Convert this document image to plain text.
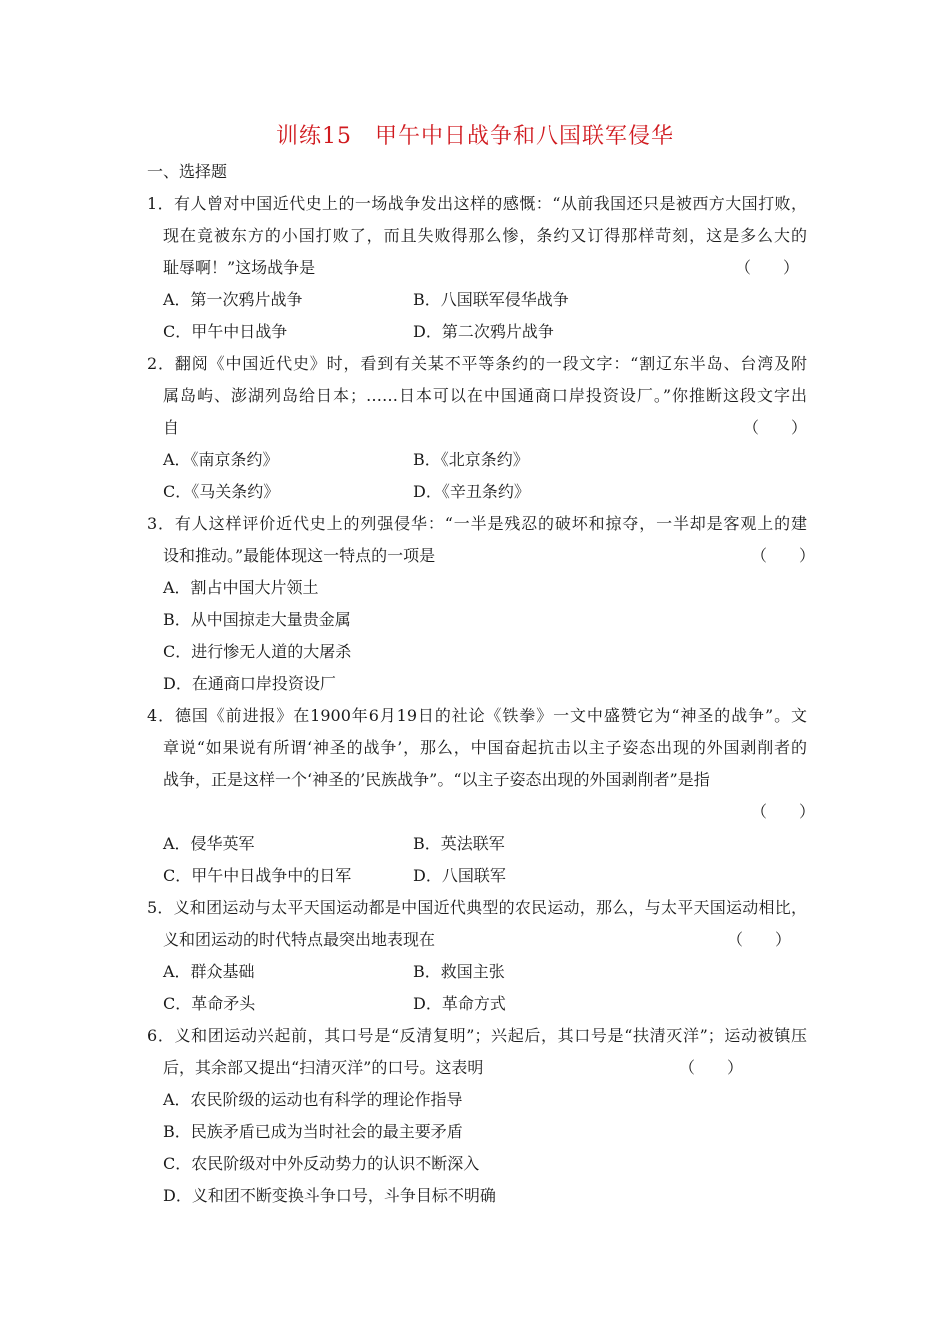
训练15　甲午中日战争和八国联军侵华
一、选择题
1．有人曾对中国近代史上的一场战争发出这样的感慨：“从前我国还只是被西方大国打败，
现在竟被东方的小国打败了，而且失败得那么惨，条约又订得那样苛刻，这是多么大的
耻辱啊！”这场战争是	（　　）
A．第一次鸦片战争	B．八国联军侵华战争
C．甲午中日战争	D．第二次鸦片战争
2．翻阅《中国近代史》时，看到有关某不平等条约的一段文字：“割辽东半岛、台湾及附
属岛屿、澎湖列岛给日本；……日本可以在中国通商口岸投资设厂。”你推断这段文字出
自	（　　）
A．《南京条约》	B．《北京条约》
C．《马关条约》	D．《辛丑条约》
3．有人这样评价近代史上的列强侵华：“一半是残忍的破坏和掠夺，一半却是客观上的建
设和推动。”最能体现这一特点的一项是	（　　）
A．割占中国大片领土
B．从中国掠走大量贵金属
C．进行惨无人道的大屠杀
D．在通商口岸投资设厂
4．德国《前进报》在1900年6月19日的社论《铁拳》一文中盛赞它为“神圣的战争”。文
章说“如果说有所谓‘神圣的战争’，那么，中国奋起抗击以主子姿态出现的外国剥削者的
战争，正是这样一个‘神圣的’民族战争”。“以主子姿态出现的外国剥削者”是指
（　　）
A．侵华英军	B．英法联军
C．甲午中日战争中的日军	D．八国联军
5．义和团运动与太平天国运动都是中国近代典型的农民运动，那么，与太平天国运动相比，
义和团运动的时代特点最突出地表现在	（　　）
A．群众基础	B．救国主张
C．革命矛头	D．革命方式
6．义和团运动兴起前，其口号是“反清复明”；兴起后，其口号是“扶清灭洋”；运动被镇压
后，其余部又提出“扫清灭洋”的口号。这表明	（　　）
A．农民阶级的运动也有科学的理论作指导
B．民族矛盾已成为当时社会的最主要矛盾
C．农民阶级对中外反动势力的认识不断深入
D．义和团不断变换斗争口号，斗争目标不明确
